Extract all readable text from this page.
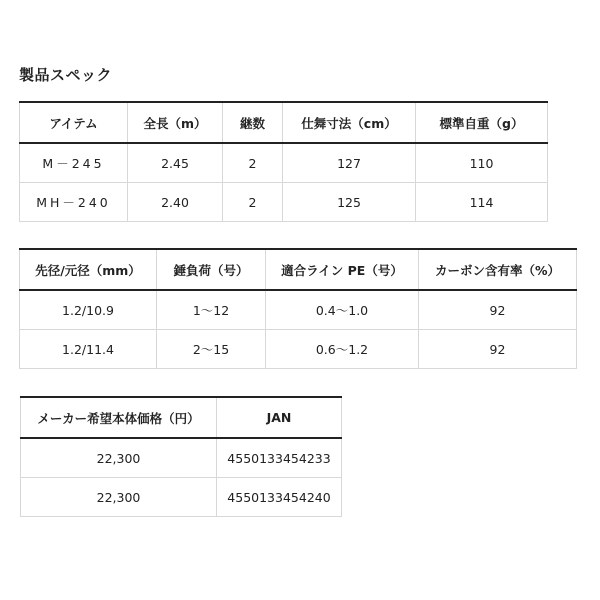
製品スペック
アイテム	全長（m）	継数	仕舞寸法（cm）	標準自重（g）
M－245	2.45	2	127	110
MH－240	2.40	2	125	114
先径/元径（mm）	錘負荷（号）	適合ライン PE（号）	カーボン含有率（%）
1.2/10.9	1～12	0.4～1.0	92
1.2/11.4	2～15	0.6～1.2	92
メーカー希望本体価格（円）	JAN
22,300	4550133454233
22,300	4550133454240
